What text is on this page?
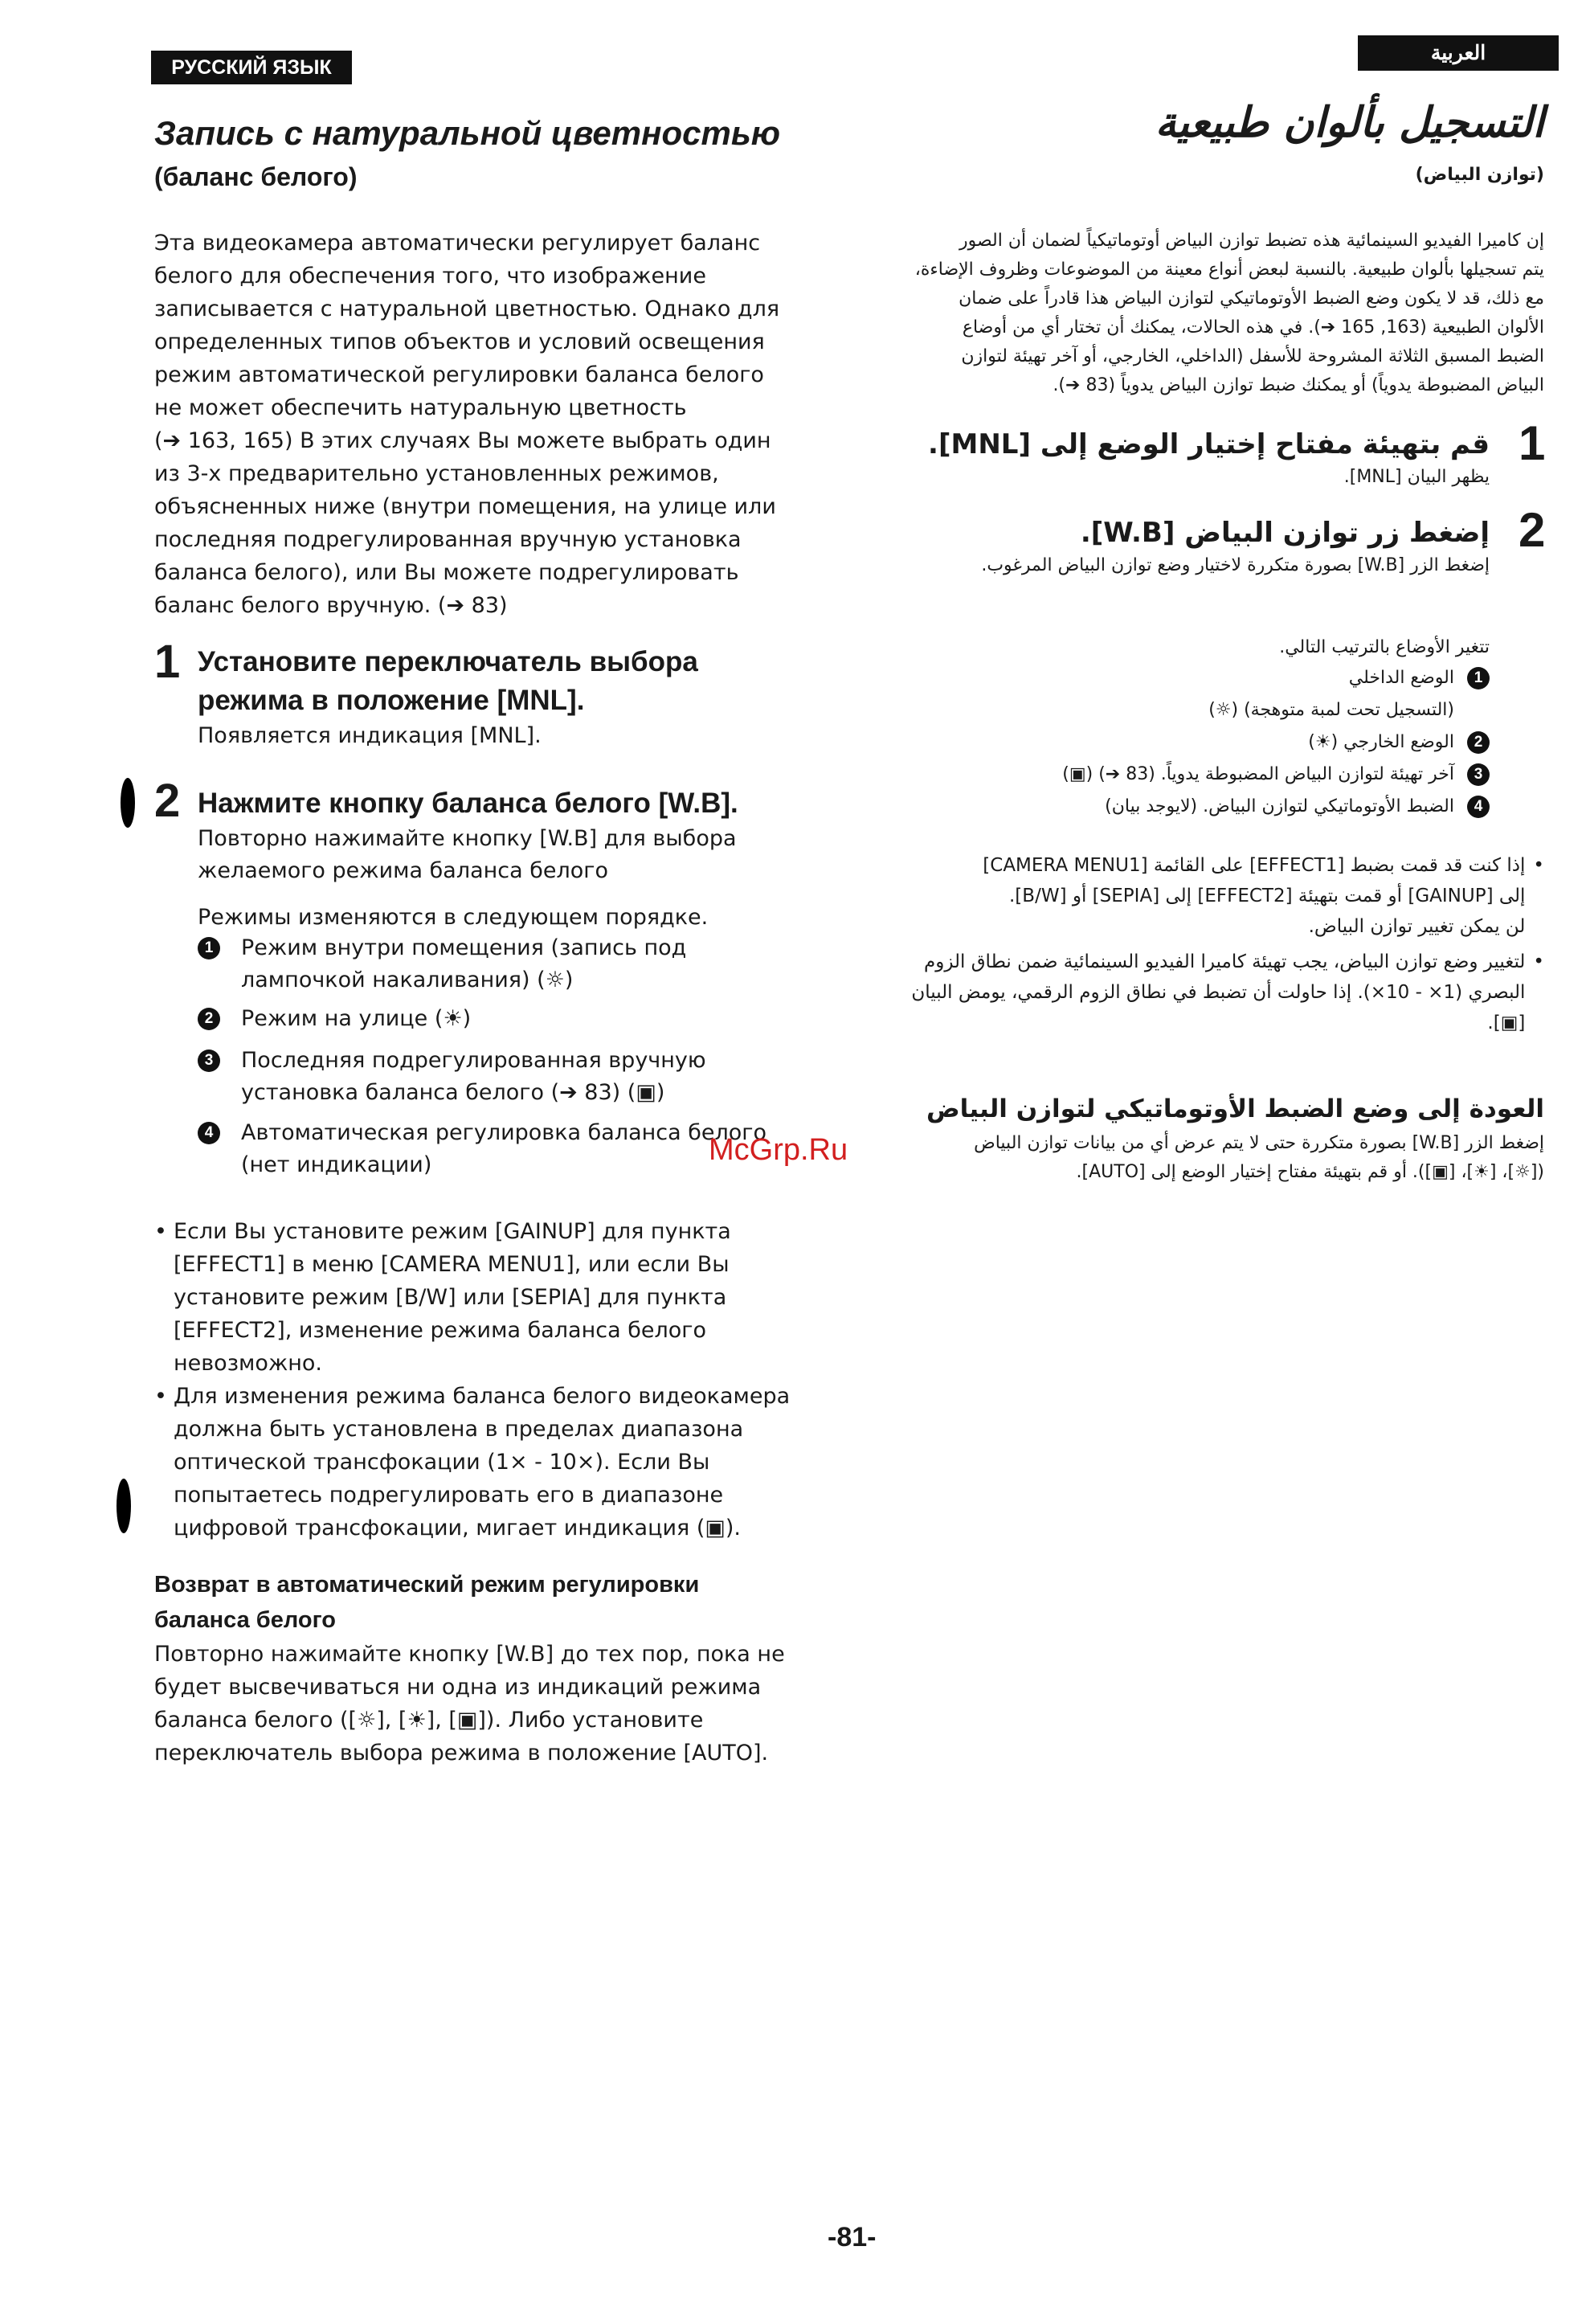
РУССКИЙ ЯЗЫК
Запись с натуральной цветностью
(баланс белого)
Эта видеокамера автоматически регулирует баланс
белого для обеспечения того, что изображение
записывается с натуральной цветностью. Однако для
определенных типов объектов и условий освещения
режим автоматической регулировки баланса белого
не может обеспечить натуральную цветность
(➔ 163, 165) В этих случаях Вы можете выбрать один
из 3-х предварительно установленных режимов,
объясненных ниже (внутри помещения, на улице или
последняя подрегулированная вручную установка
баланса белого), или Вы можете подрегулировать
баланс белого вручную. (➔ 83)
1 Установите переключатель выбора
режима в положение [MNL].
Появляется индикация [MNL].
2 Нажмите кнопку баланса белого [W.B].
Повторно нажимайте кнопку [W.B] для выбора
желаемого режима баланса белого
Режимы изменяются в следующем порядке.
1	Режим внутри помещения (запись под
лампочкой накаливания) (☼)
2	Режим на улице (☀)
3	Последняя подрегулированная вручную
установка баланса белого (➔ 83) (▣)
4	Автоматическая регулировка баланса белого
(нет индикации)
• Если Вы установите режим [GAINUP] для пункта
[EFFECT1] в меню [CAMERA MENU1], или если Вы
установите режим [B/W] или [SEPIA] для пункта
[EFFECT2], изменение режима баланса белого
невозможно.
• Для изменения режима баланса белого видеокамера
должна быть установлена в пределах диапазона
оптической трансфокации (1× - 10×). Если Вы
попытаетесь подрегулировать его в диапазоне
цифровой трансфокации, мигает индикация (▣).
Возврат в автоматический режим регулировки
баланса белого
Повторно нажимайте кнопку [W.B] до тех пор, пока не
будет высвечиваться ни одна из индикаций режима
баланса белого ([☼], [☀], [▣]). Либо установите
переключатель выбора режима в положение [AUTO].
العربية
التسجيل بألوان طبيعية
(توازن البياض)
إن كاميرا الفيديو السينمائية هذه تضبط توازن البياض أوتوماتيكياً لضمان أن الصور
يتم تسجيلها بألوان طبيعية. بالنسبة لبعض أنواع معينة من الموضوعات وظروف الإضاءة،
مع ذلك، قد لا يكون وضع الضبط الأوتوماتيكي لتوازن البياض هذا قادراً على ضمان
الألوان الطبيعية (163, 165 ➔). في هذه الحالات، يمكنك أن تختار أي من أوضاع
الضبط المسبق الثلاثة المشروحة للأسفل (الداخلي، الخارجي، أو آخر تهيئة لتوازن
البياض المضبوطة يدوياً) أو يمكنك ضبط توازن البياض يدوياً (83 ➔).
1
قم بتهيئة مفتاح إختيار الوضع إلى [MNL].
يظهر البيان [MNL].
2
إضغط زر توازن البياض [W.B].
إضغط الزر [W.B] بصورة متكررة لاختيار وضع توازن البياض المرغوب.
تتغير الأوضاع بالترتيب التالي.
1
الوضع الداخلي
(التسجيل تحت لمبة متوهجة) (☼)
2
الوضع الخارجي (☀)
3
آخر تهيئة لتوازن البياض المضبوطة يدوياً. (83 ➔) (▣)
4
الضبط الأوتوماتيكي لتوازن البياض. (لايوجد بيان)
•
إذا كنت قد قمت بضبط [EFFECT1] على القائمة [CAMERA MENU1]
إلى [GAINUP] أو قمت بتهيئة [EFFECT2] إلى [SEPIA] أو [B/W].
لن يمكن تغيير توازن البياض.
•
لتغيير وضع توازن البياض، يجب تهيئة كاميرا الفيديو السينمائية ضمن نطاق الزوم
البصري (1× - 10×). إذا حاولت أن تضبط في نطاق الزوم الرقمي، يومض البيان
[▣].
McGrp.Ru
العودة إلى وضع الضبط الأوتوماتيكي لتوازن البياض
إضغط الزر [W.B] بصورة متكررة حتى لا يتم عرض أي من بيانات توازن البياض
([☼]، [☀]، [▣]). أو قم بتهيئة مفتاح إختيار الوضع إلى [AUTO].
-81-
